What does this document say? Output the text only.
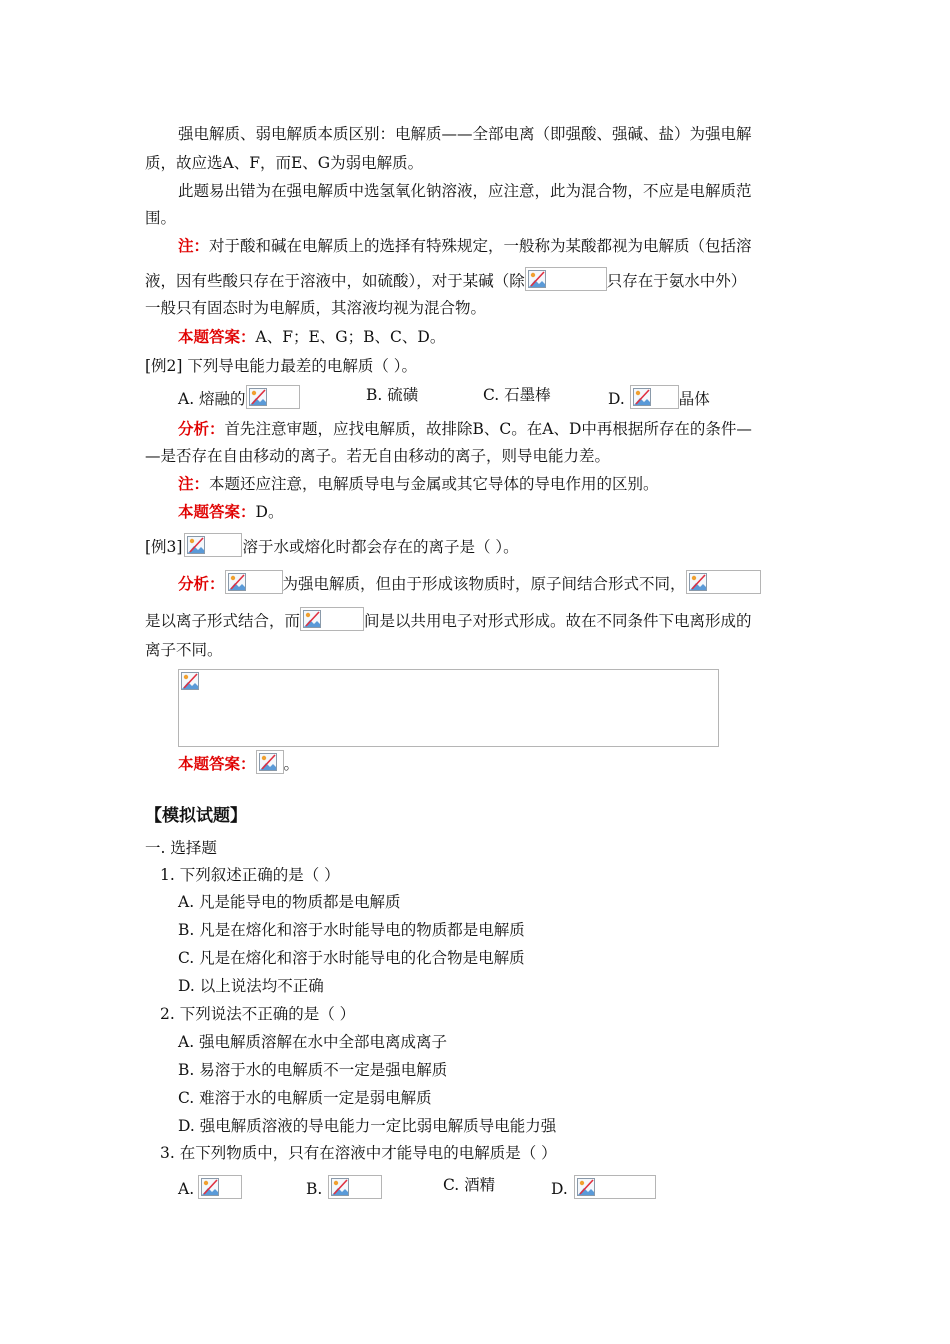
强电解质、弱电解质本质区别：电解质——全部电离（即强酸、强碱、盐）为强电解
质，故应选A、F，而E、G为弱电解质。
此题易出错为在强电解质中选氢氧化钠溶液，应注意，此为混合物，不应是电解质范
围。
注：对于酸和碱在电解质上的选择有特殊规定，一般称为某酸都视为电解质（包括溶
液，因有些酸只存在于溶液中，如硫酸），对于某碱（除	只存在于氨水中外）
一般只有固态时为电解质，其溶液均视为混合物。
本题答案：A、F；E、G；B、C、D。
[例2] 下列导电能力最差的电解质（ ）。
A. 熔融的	B. 硫磺	C. 石墨棒	D.	晶体
分析：首先注意审题，应找电解质，故排除B、C。在A、D中再根据所存在的条件—
—是否存在自由移动的离子。若无自由移动的离子，则导电能力差。
注：本题还应注意，电解质导电与金属或其它导体的导电作用的区别。
本题答案：D。
[例3]	溶于水或熔化时都会存在的离子是（ ）。
分析：	为强电解质，但由于形成该物质时，原子间结合形式不同，
是以离子形式结合，而	间是以共用电子对形式形成。故在不同条件下电离形成的
离子不同。
本题答案： 。
【模拟试题】
一. 选择题
1. 下列叙述正确的是（ ）
A. 凡是能导电的物质都是电解质
B. 凡是在熔化和溶于水时能导电的物质都是电解质
C. 凡是在熔化和溶于水时能导电的化合物是电解质
D. 以上说法均不正确
2. 下列说法不正确的是（ ）
A. 强电解质溶解在水中全部电离成离子
B. 易溶于水的电解质不一定是强电解质
C. 难溶于水的电解质一定是弱电解质
D. 强电解质溶液的导电能力一定比弱电解质导电能力强
3. 在下列物质中，只有在溶液中才能导电的电解质是（ ）
A.	B.	C. 酒精	D.
